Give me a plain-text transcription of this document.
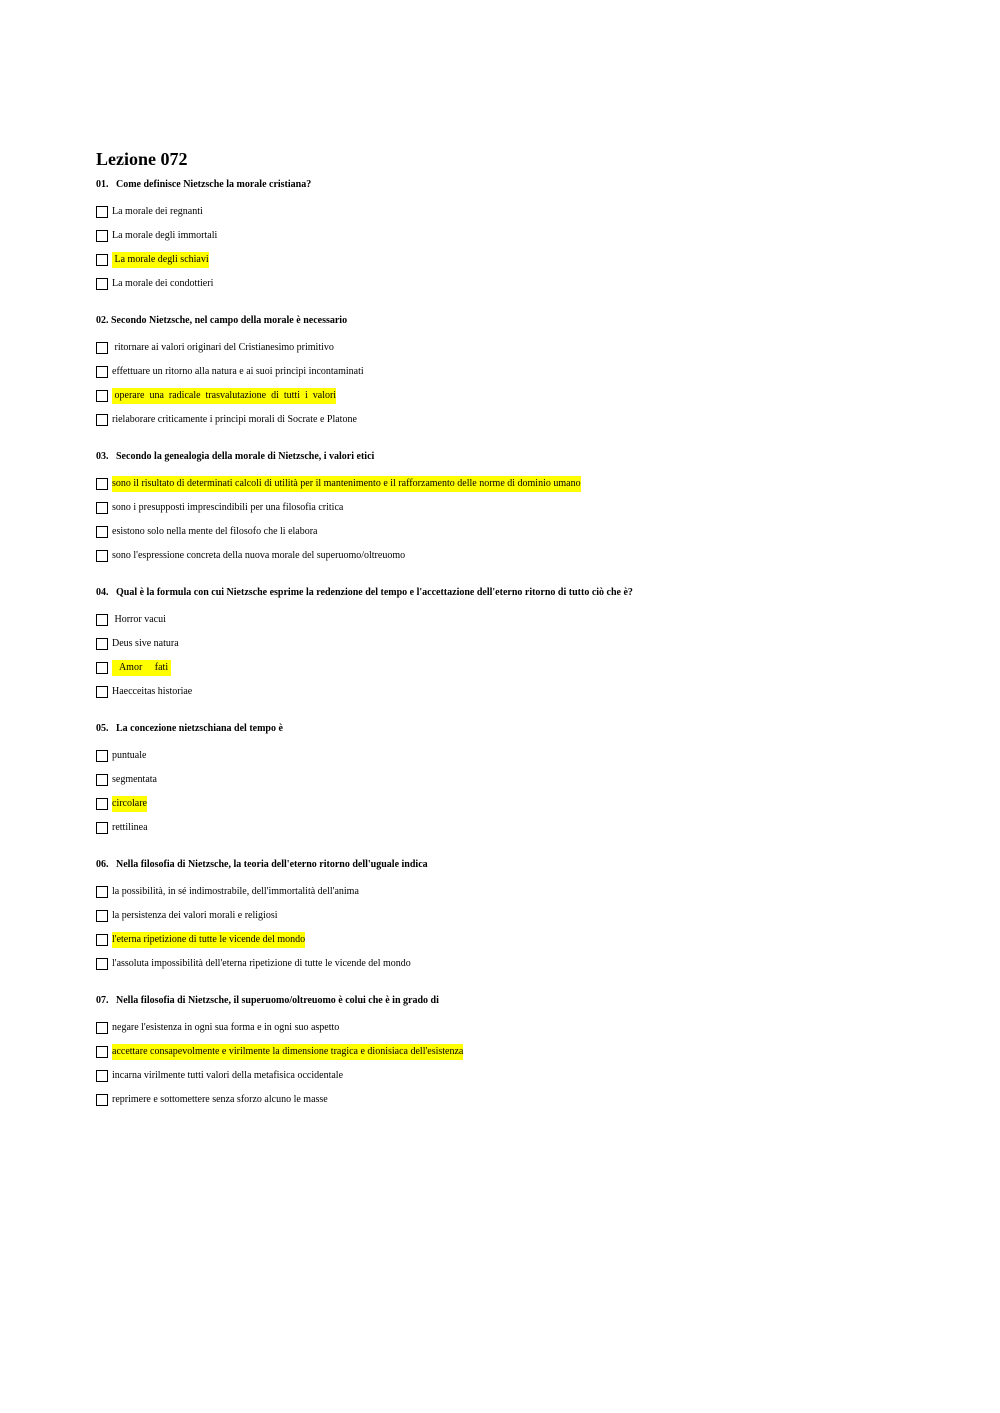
Lezione 072
01.   Come definisce Nietzsche la morale cristiana?
La morale dei regnanti
La morale degli immortali
La morale degli schiavi
La morale dei condottieri
02. Secondo Nietzsche, nel campo della morale è necessario
ritornare ai valori originari del Cristianesimo primitivo
effettuare un ritorno alla natura e ai suoi principi incontaminati
operare  una  radicale  trasvalutazione  di  tutti  i  valori
rielaborare criticamente i principi morali di Socrate e Platone
03.   Secondo la genealogia della morale di Nietzsche, i valori etici
sono il risultato di determinati calcoli di utilità per il mantenimento e il rafforzamento delle norme di dominio umano
sono i presupposti imprescindibili per una filosofia critica
esistono solo nella mente del filosofo che li elabora
sono l'espressione concreta della nuova morale del superuomo/oltreuomo
04.   Qual è la formula con cui Nietzsche esprime la redenzione del tempo e l'accettazione dell'eterno ritorno di tutto ciò che è?
Horror vacui
Deus sive natura
Amor     fati
Haecceitas historiae
05.   La concezione nietzschiana del tempo è
puntuale
segmentata
circolare
rettilinea
06.   Nella filosofia di Nietzsche, la teoria dell'eterno ritorno dell'uguale indica
la possibilità, in sé indimostrabile, dell'immortalità dell'anima
la persistenza dei valori morali e religiosi
l'eterna ripetizione di tutte le vicende del mondo
l'assoluta impossibilità dell'eterna ripetizione di tutte le vicende del mondo
07.   Nella filosofia di Nietzsche, il superuomo/oltreuomo è colui che è in grado di
negare l'esistenza in ogni sua forma e in ogni suo aspetto
accettare consapevolmente e virilmente la dimensione tragica e dionisiaca dell'esistenza
incarna virilmente tutti valori della metafisica occidentale
reprimere e sottomettere senza sforzo alcuno le masse
